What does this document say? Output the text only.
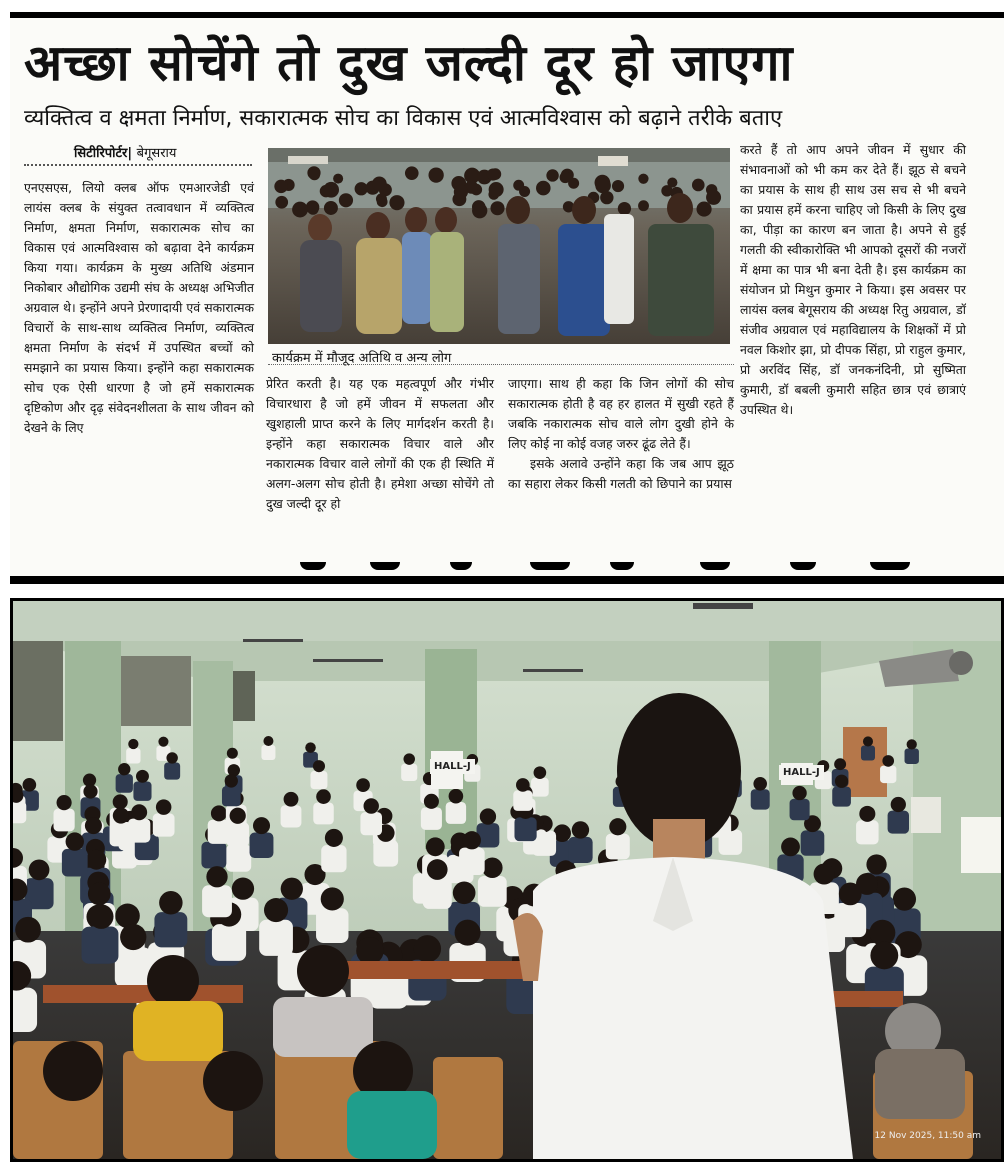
अच्छा सोचेंगे तो दुख जल्दी दूर हो जाएगा
व्यक्तित्व व क्षमता निर्माण, सकारात्मक सोच का विकास एवं आत्मविश्वास को बढ़ाने तरीके बताए
सिटीरिपोर्टर| बेगूसराय

एनएसएस, लियो क्लब ऑफ एमआरजेडी एवं लायंस क्लब के संयुक्त तत्वावधान में व्यक्तित्व निर्माण, क्षमता निर्माण, सकारात्मक सोच का विकास एवं आत्मविश्वास को बढ़ावा देने कार्यक्रम किया गया। कार्यक्रम के मुख्य अतिथि अंडमान निकोबार औद्योगिक उद्यमी संघ के अध्यक्ष अभिजीत अग्रवाल थे। इन्होंने अपने प्रेरणादायी एवं सकारात्मक विचारों के साथ-साथ व्यक्तित्व निर्माण, व्यक्तित्व क्षमता निर्माण के संदर्भ में उपस्थित बच्चों को समझाने का प्रयास किया। इन्होंने कहा सकारात्मक सोच एक ऐसी धारणा है जो हमें सकारात्मक दृष्टिकोण और दृढ़ संवेदनशीलता के साथ जीवन को देखने के लिए

कार्यक्रम में मौजूद अतिथि व अन्य लोग

प्रेरित करती है। यह एक महत्वपूर्ण और गंभीर विचारधारा है जो हमें जीवन में सफलता और खुशहाली प्राप्त करने के लिए मार्गदर्शन करती है। इन्होंने कहा सकारात्मक विचार वाले और नकारात्मक विचार वाले लोगों की एक ही स्थिति में अलग-अलग सोच होती है। हमेशा अच्छा सोचेंगे तो दुख जल्दी दूर हो

जाएगा। साथ ही कहा कि जिन लोगों की सोच सकारात्मक होती है वह हर हालत में सुखी रहते हैं जबकि नकारात्मक सोच वाले लोग दुखी होने के लिए कोई ना कोई वजह जरुर ढूंढ लेते हैं।

इसके अलावे उन्होंने कहा कि जब आप झूठ का सहारा लेकर किसी गलती को छिपाने का प्रयास

करते हैं तो आप अपने जीवन में सुधार की संभावनाओं को भी कम कर देते हैं। झूठ से बचने का प्रयास के साथ ही साथ उस सच से भी बचने का प्रयास हमें करना चाहिए जो किसी के लिए दुख का, पीड़ा का कारण बन जाता है। अपने से हुई गलती की स्वीकारोक्ति भी आपको दूसरों की नजरों में क्षमा का पात्र भी बना देती है। इस कार्यक्रम का संयोजन प्रो मिथुन कुमार ने किया। इस अवसर पर लायंस क्लब बेगूसराय की अध्यक्ष रितु अग्रवाल, डॉ संजीव अग्रवाल एवं महाविद्यालय के शिक्षकों में प्रो नवल किशोर झा, प्रो दीपक सिंहा, प्रो राहुल कुमार, प्रो अरविंद सिंह, डॉ जनकनंदिनी, प्रो सुष्मिता कुमारी, डॉ बबली कुमारी सहित छात्र एवं छात्राएं उपस्थित थे।

HALL-J
HALL-J
12 Nov 2025, 11:50 am
